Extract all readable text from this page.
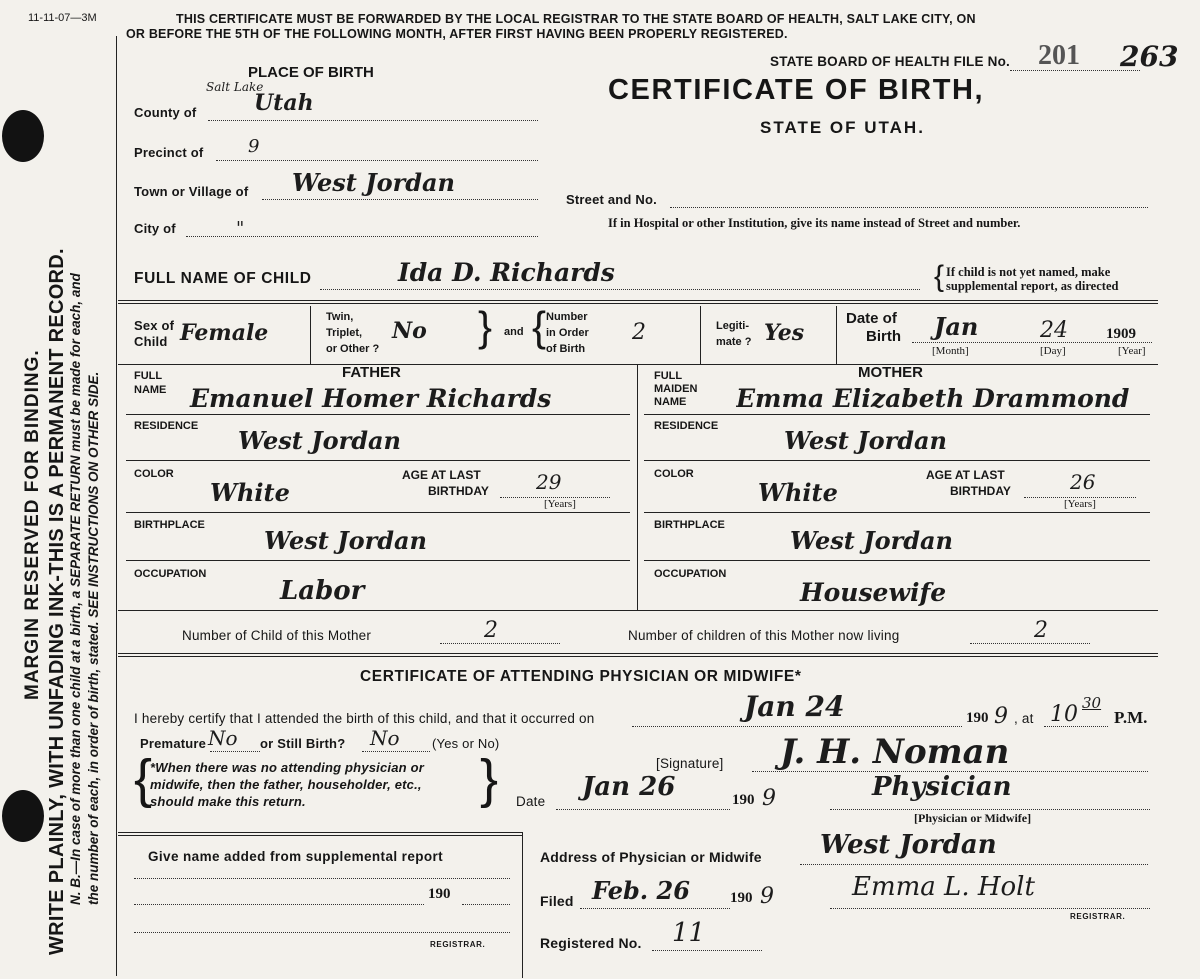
11-11-07—3M
MARGIN RESERVED FOR BINDING. WRITE PLAINLY, WITH UNFADING INK-THIS IS A PERMANENT RECORD. N. B.—In case of more than one child at a birth, a SEPARATE RETURN must be made for each, and the number of each, in order of birth, stated. SEE INSTRUCTIONS ON OTHER SIDE.
THIS CERTIFICATE MUST BE FORWARDED BY THE LOCAL REGISTRAR TO THE STATE BOARD OF HEALTH, SALT LAKE CITY, ON
OR BEFORE THE 5TH OF THE FOLLOWING MONTH, AFTER FIRST HAVING BEEN PROPERLY REGISTERED.
STATE BOARD OF HEALTH FILE No. 201 263
CERTIFICATE OF BIRTH,
STATE OF UTAH.
PLACE OF BIRTH
County of
Salt Lake
Utah
Precinct of 9
Town or Village of West Jordan
City of	"
Street and No.
If in Hospital or other Institution, give its name instead of Street and number.
FULL NAME OF CHILD	Ida D. Richards	If child is not yet named, make
supplemental report, as directed
{
Sex of
Child Female
Twin,
Triplet,
or Other ?
No } and { Number
in Order
of Birth
2	Legiti-
mate ? Yes
Date of
Birth Jan	24	1909
[Month]	[Day]	[Year]
FATHER
FULL
NAME Emanuel Homer Richards
RESIDENCE West Jordan
COLOR
White
AGE AT LAST
BIRTHDAY 29
[Years]
BIRTHPLACE
West Jordan
OCCUPATION
Labor
MOTHER
FULL
MAIDEN
NAME Emma Elizabeth Drammond
RESIDENCE	West Jordan
COLOR
White
AGE AT LAST
BIRTHDAY	26
[Years]
BIRTHPLACE
West Jordan
OCCUPATION
Housewife
Number of Child of this Mother	2	Number of children of this Mother now living	2
CERTIFICATE OF ATTENDING PHYSICIAN OR MIDWIFE*
I hereby certify that I attended the birth of this child, and that it occurred on	Jan 24	190 9 , at 10 30
P.M.
Premature No or Still Birth? No (Yes or No)
{
*When there was no attending physician or
midwife, then the father, householder, etc.,
should make this return.	}	[Signature] J. H. Noman
Date Jan 26	190 9	Physician
[Physician or Midwife]
Give name added from supplemental report
190
REGISTRAR.
Address of Physician or Midwife West Jordan
Filed Feb. 26	190 9	Emma L. Holt
REGISTRAR.
Registered No. 11
